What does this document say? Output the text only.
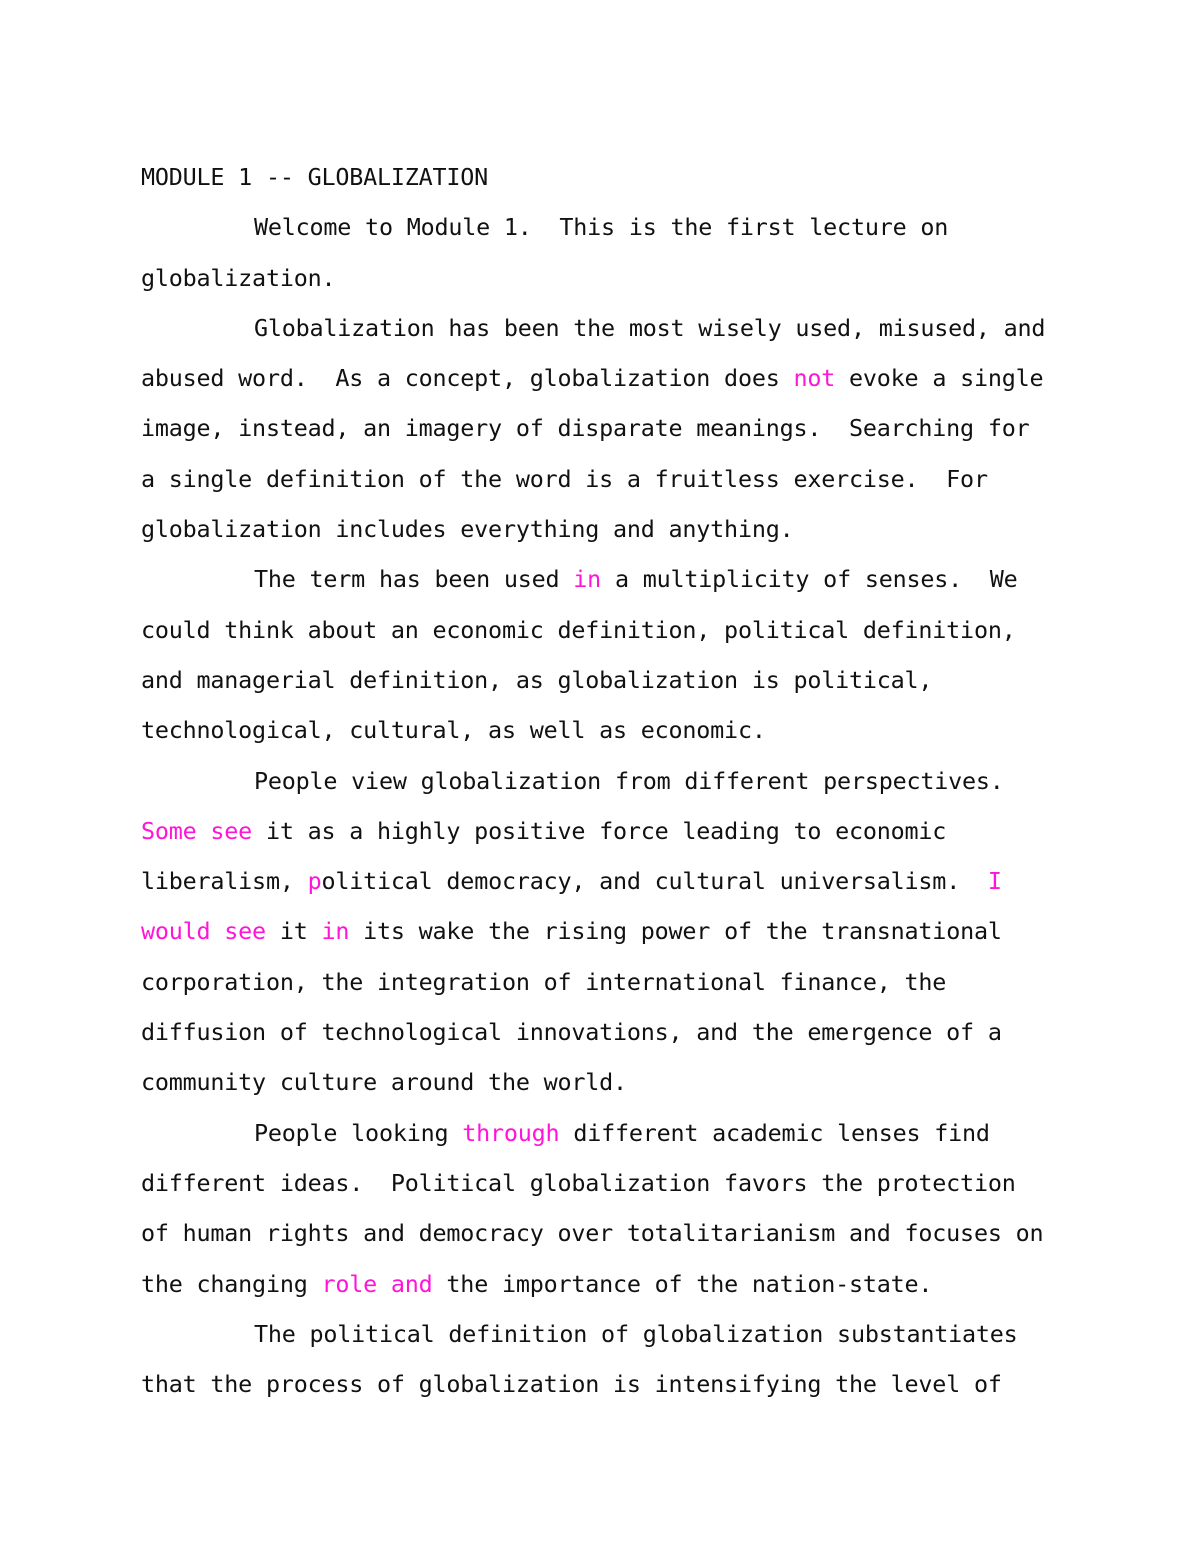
MODULE 1 -- GLOBALIZATION
Welcome to Module 1.  This is the first lecture on
globalization.
Globalization has been the most wisely used, misused, and
abused word.  As a concept, globalization does not evoke a single
image, instead, an imagery of disparate meanings.  Searching for
a single definition of the word is a fruitless exercise.  For
globalization includes everything and anything.
The term has been used in a multiplicity of senses.  We
could think about an economic definition, political definition,
and managerial definition, as globalization is political,
technological, cultural, as well as economic.
People view globalization from different perspectives.
Some see it as a highly positive force leading to economic
liberalism, political democracy, and cultural universalism.  I
would see it in its wake the rising power of the transnational
corporation, the integration of international finance, the
diffusion of technological innovations, and the emergence of a
community culture around the world.
People looking through different academic lenses find
different ideas.  Political globalization favors the protection
of human rights and democracy over totalitarianism and focuses on
the changing role and the importance of the nation-state.
The political definition of globalization substantiates
that the process of globalization is intensifying the level of
